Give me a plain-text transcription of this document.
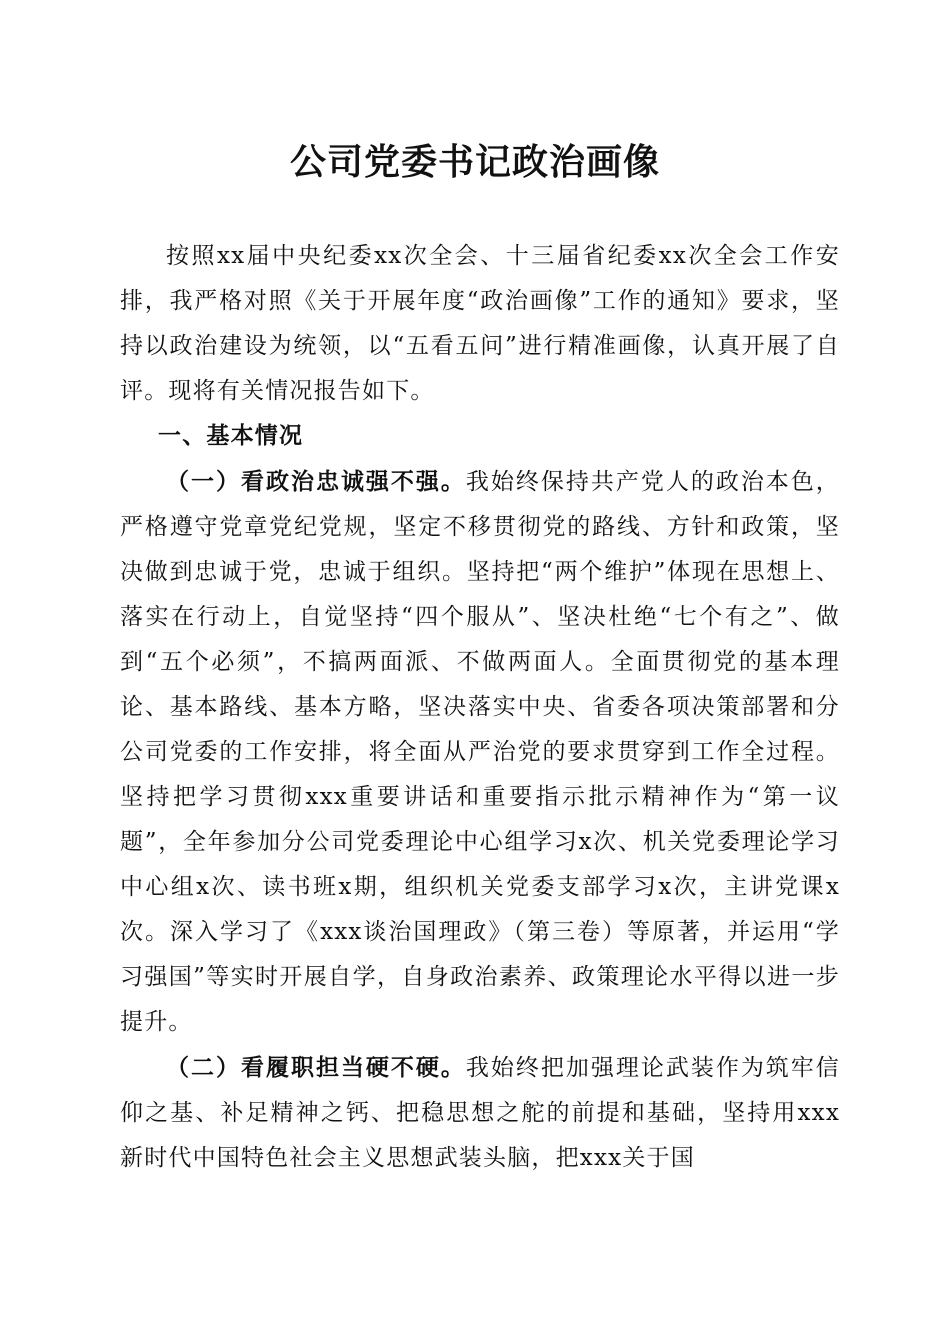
公司党委书记政治画像

按照xx届中央纪委xx次全会、十三届省纪委xx次全会工作安排，我严格对照《关于开展年度“政治画像”工作的通知》要求，坚持以政治建设为统领，以“五看五问”进行精准画像，认真开展了自评。现将有关情况报告如下。

一、基本情况

（一）看政治忠诚强不强。我始终保持共产党人的政治本色，严格遵守党章党纪党规，坚定不移贯彻党的路线、方针和政策，坚决做到忠诚于党，忠诚于组织。坚持把“两个维护”体现在思想上、落实在行动上，自觉坚持“四个服从”、坚决杜绝“七个有之”、做到“五个必须”，不搞两面派、不做两面人。全面贯彻党的基本理论、基本路线、基本方略，坚决落实中央、省委各项决策部署和分公司党委的工作安排，将全面从严治党的要求贯穿到工作全过程。坚持把学习贯彻xxx重要讲话和重要指示批示精神作为“第一议题”，全年参加分公司党委理论中心组学习x次、机关党委理论学习中心组x次、读书班x期，组织机关党委支部学习x次，主讲党课x次。深入学习了《xxx谈治国理政》（第三卷）等原著，并运用“学习强国”等实时开展自学，自身政治素养、政策理论水平得以进一步提升。

（二）看履职担当硬不硬。我始终把加强理论武装作为筑牢信仰之基、补足精神之钙、把稳思想之舵的前提和基础，坚持用xxx新时代中国特色社会主义思想武装头脑，把xxx关于国
